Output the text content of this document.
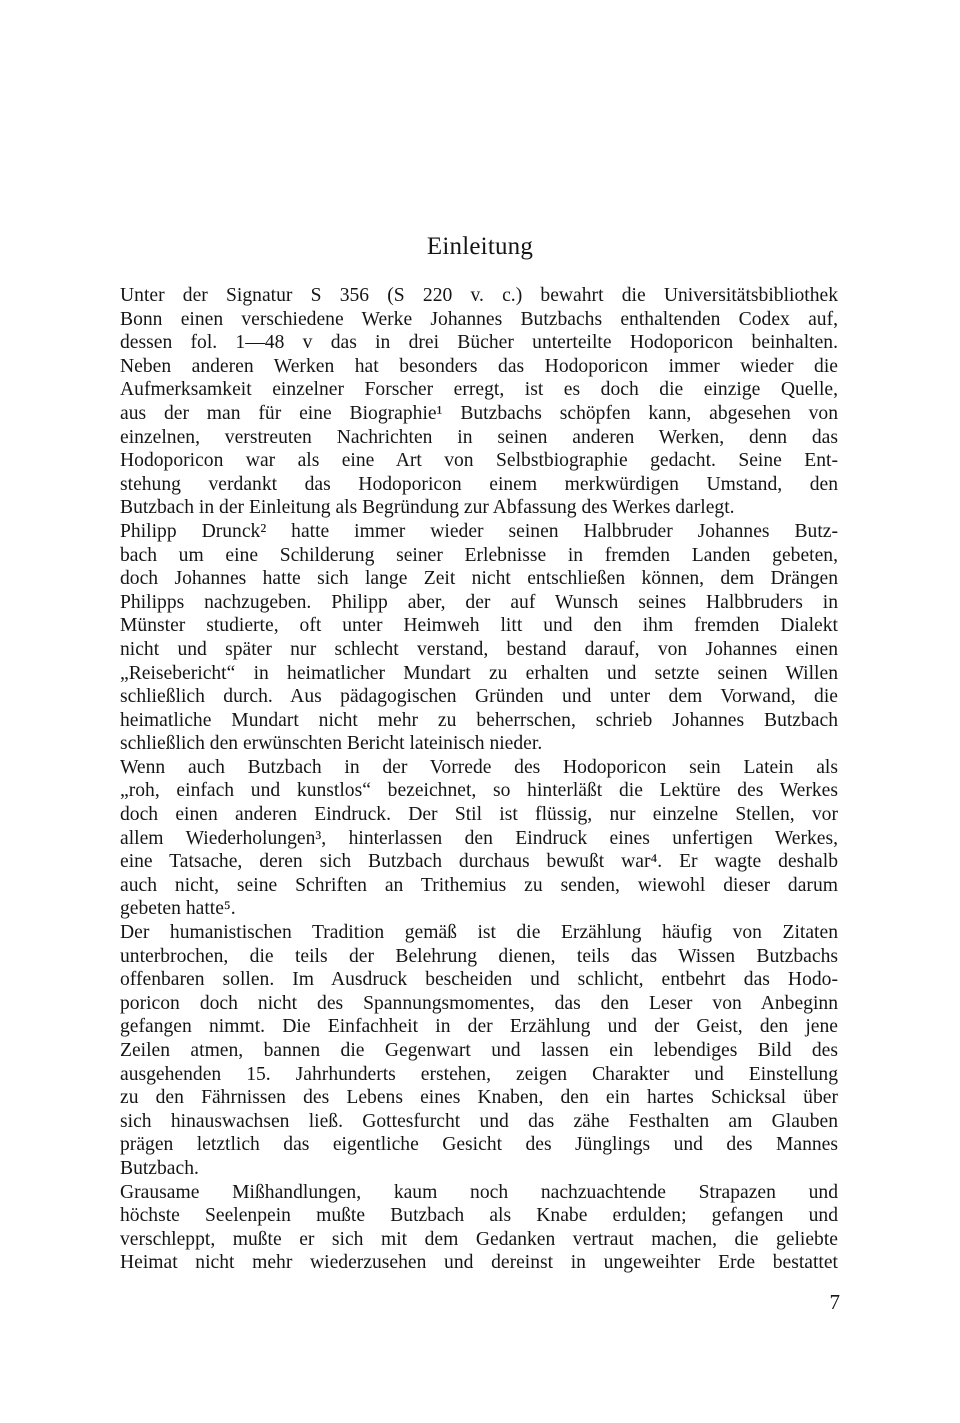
Einleitung

Unter der Signatur S 356 (S 220 v. c.) bewahrt die Universitätsbibliothek
Bonn einen verschiedene Werke Johannes Butzbachs enthaltenden Codex auf,
dessen fol. 1—48 v das in drei Bücher unterteilte Hodoporicon beinhalten.
Neben anderen Werken hat besonders das Hodoporicon immer wieder die
Aufmerksamkeit einzelner Forscher erregt, ist es doch die einzige Quelle,
aus der man für eine Biographie¹ Butzbachs schöpfen kann, abgesehen von
einzelnen, verstreuten Nachrichten in seinen anderen Werken, denn das
Hodoporicon war als eine Art von Selbstbiographie gedacht. Seine Ent-
stehung verdankt das Hodoporicon einem merkwürdigen Umstand, den
Butzbach in der Einleitung als Begründung zur Abfassung des Werkes darlegt.

Philipp Drunck² hatte immer wieder seinen Halbbruder Johannes Butz-
bach um eine Schilderung seiner Erlebnisse in fremden Landen gebeten,
doch Johannes hatte sich lange Zeit nicht entschließen können, dem Drängen
Philipps nachzugeben. Philipp aber, der auf Wunsch seines Halbbruders in
Münster studierte, oft unter Heimweh litt und den ihm fremden Dialekt
nicht und später nur schlecht verstand, bestand darauf, von Johannes einen
„Reisebericht“ in heimatlicher Mundart zu erhalten und setzte seinen Willen
schließlich durch. Aus pädagogischen Gründen und unter dem Vorwand, die
heimatliche Mundart nicht mehr zu beherrschen, schrieb Johannes Butzbach
schließlich den erwünschten Bericht lateinisch nieder.

Wenn auch Butzbach in der Vorrede des Hodoporicon sein Latein als
„roh, einfach und kunstlos“ bezeichnet, so hinterläßt die Lektüre des Werkes
doch einen anderen Eindruck. Der Stil ist flüssig, nur einzelne Stellen, vor
allem Wiederholungen³, hinterlassen den Eindruck eines unfertigen Werkes,
eine Tatsache, deren sich Butzbach durchaus bewußt war⁴. Er wagte deshalb
auch nicht, seine Schriften an Trithemius zu senden, wiewohl dieser darum
gebeten hatte⁵.

Der humanistischen Tradition gemäß ist die Erzählung häufig von Zitaten
unterbrochen, die teils der Belehrung dienen, teils das Wissen Butzbachs
offenbaren sollen. Im Ausdruck bescheiden und schlicht, entbehrt das Hodo-
poricon doch nicht des Spannungsmomentes, das den Leser von Anbeginn
gefangen nimmt. Die Einfachheit in der Erzählung und der Geist, den jene
Zeilen atmen, bannen die Gegenwart und lassen ein lebendiges Bild des
ausgehenden 15. Jahrhunderts erstehen, zeigen Charakter und Einstellung
zu den Fährnissen des Lebens eines Knaben, den ein hartes Schicksal über
sich hinauswachsen ließ. Gottesfurcht und das zähe Festhalten am Glauben
prägen letztlich das eigentliche Gesicht des Jünglings und des Mannes
Butzbach.

Grausame Mißhandlungen, kaum noch nachzuachtende Strapazen und
höchste Seelenpein mußte Butzbach als Knabe erdulden; gefangen und
verschleppt, mußte er sich mit dem Gedanken vertraut machen, die geliebte
Heimat nicht mehr wiederzusehen und dereinst in ungeweihter Erde bestattet

7
